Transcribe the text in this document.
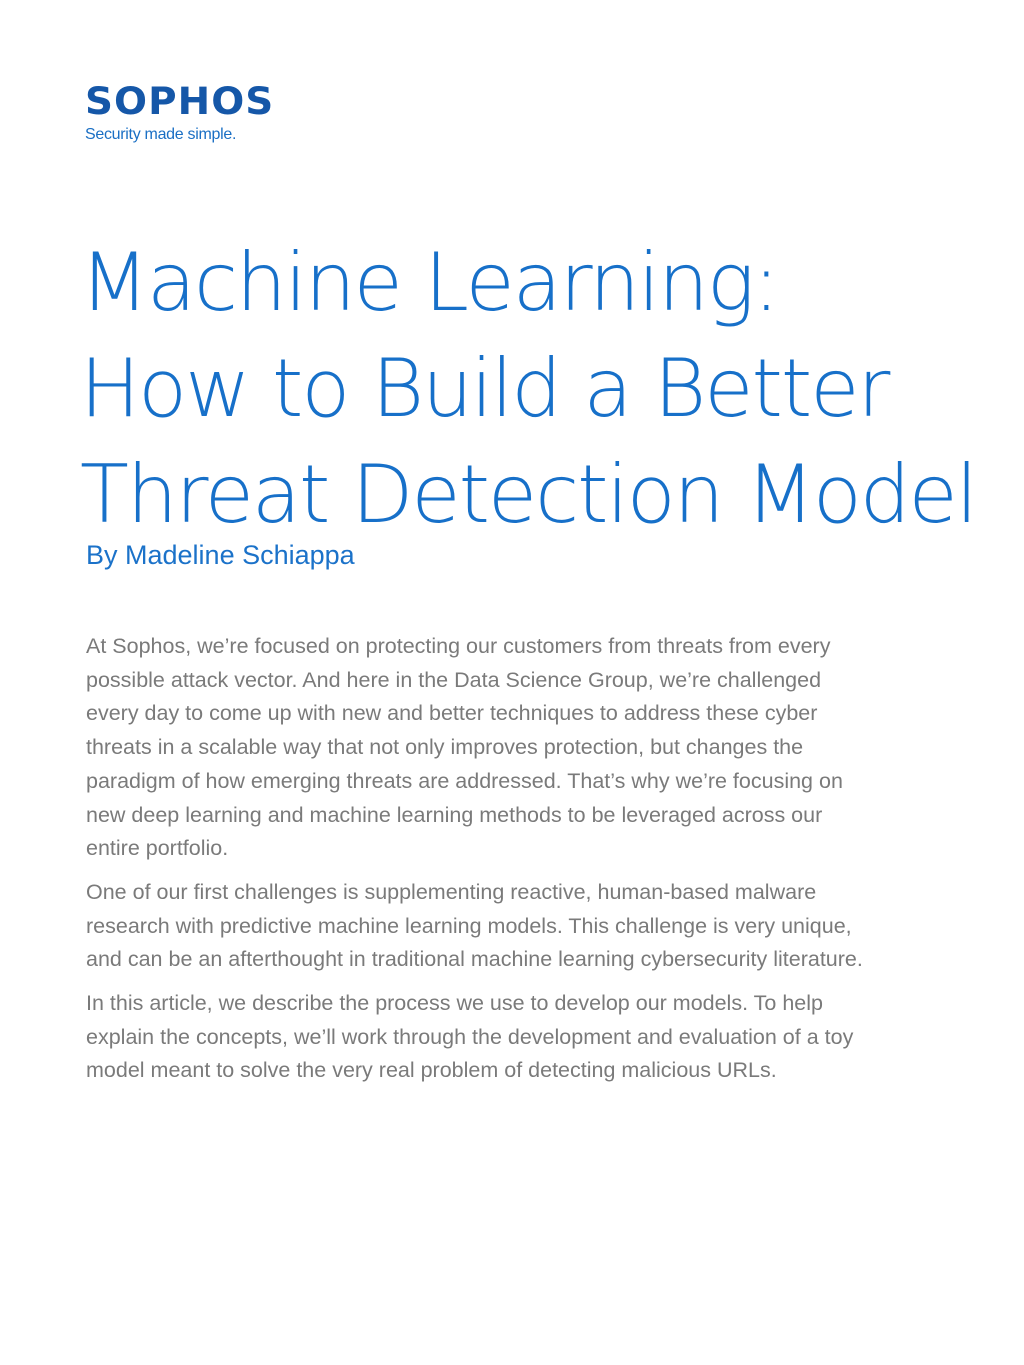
SOPHOS
Security made simple.
Machine Learning:
How to Build a Better
Threat Detection Model
By Madeline Schiappa

At Sophos, we’re focused on protecting our customers from threats from every possible attack vector. And here in the Data Science Group, we’re challenged every day to come up with new and better techniques to address these cyber threats in a scalable way that not only improves protection, but changes the paradigm of how emerging threats are addressed. That’s why we’re focusing on new deep learning and machine learning methods to be leveraged across our entire portfolio.

One of our first challenges is supplementing reactive, human-based malware research with predictive machine learning models. This challenge is very unique, and can be an afterthought in traditional machine learning cybersecurity literature.

In this article, we describe the process we use to develop our models. To help explain the concepts, we’ll work through the development and evaluation of a toy model meant to solve the very real problem of detecting malicious URLs.
